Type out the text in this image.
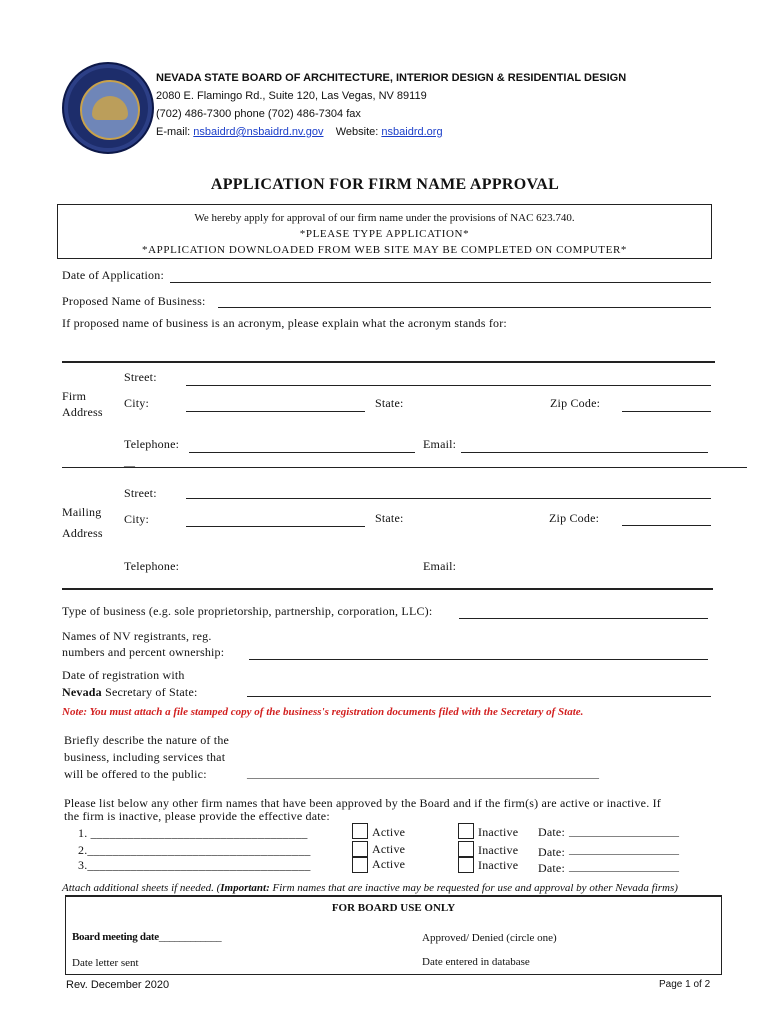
NEVADA STATE BOARD OF ARCHITECTURE, INTERIOR DESIGN & RESIDENTIAL DESIGN
2080 E. Flamingo Rd., Suite 120, Las Vegas, NV 89119
(702) 486-7300 phone (702) 486-7304 fax
E-mail: nsbaidrd@nsbaidrd.nv.gov Website: nsbaidrd.org
APPLICATION FOR FIRM NAME APPROVAL
We hereby apply for approval of our firm name under the provisions of NAC 623.740.
*PLEASE TYPE APPLICATION*
*APPLICATION DOWNLOADED FROM WEB SITE MAY BE COMPLETED ON COMPUTER*
Date of Application:
Proposed Name of Business:
If proposed name of business is an acronym, please explain what the acronym stands for:
Firm
Address
Street:
City:	State:	Zip Code:
Telephone:	Email:
__
Mailing
Address
Street:
City:	State:	Zip Code:
Telephone:	Email:
Type of business (e.g. sole proprietorship, partnership, corporation, LLC):
Names of NV registrants, reg.
numbers and percent ownership:
Date of registration with
Nevada Secretary of State:
Note: You must attach a file stamped copy of the business's registration documents filed with the Secretary of State.
Briefly describe the nature of the
business, including services that
will be offered to the public:	________________________________________________________________
Please list below any other firm names that have been approved by the Board and if the firm(s) are active or inactive. If
the firm is inactive, please provide the effective date:
1. ___________________________________	Active	Inactive Date: ____________________
2.____________________________________	Active	Inactive Date: ____________________
3.____________________________________	Active	Inactive Date: ____________________
Attach additional sheets if needed. (Important: Firm names that are inactive may be requested for use and approval by other Nevada firms)
FOR BOARD USE ONLY
Board meeting date____________	Approved/ Denied (circle one)
Date letter sent	Date entered in database
Rev. December 2020	Page 1 of 2
